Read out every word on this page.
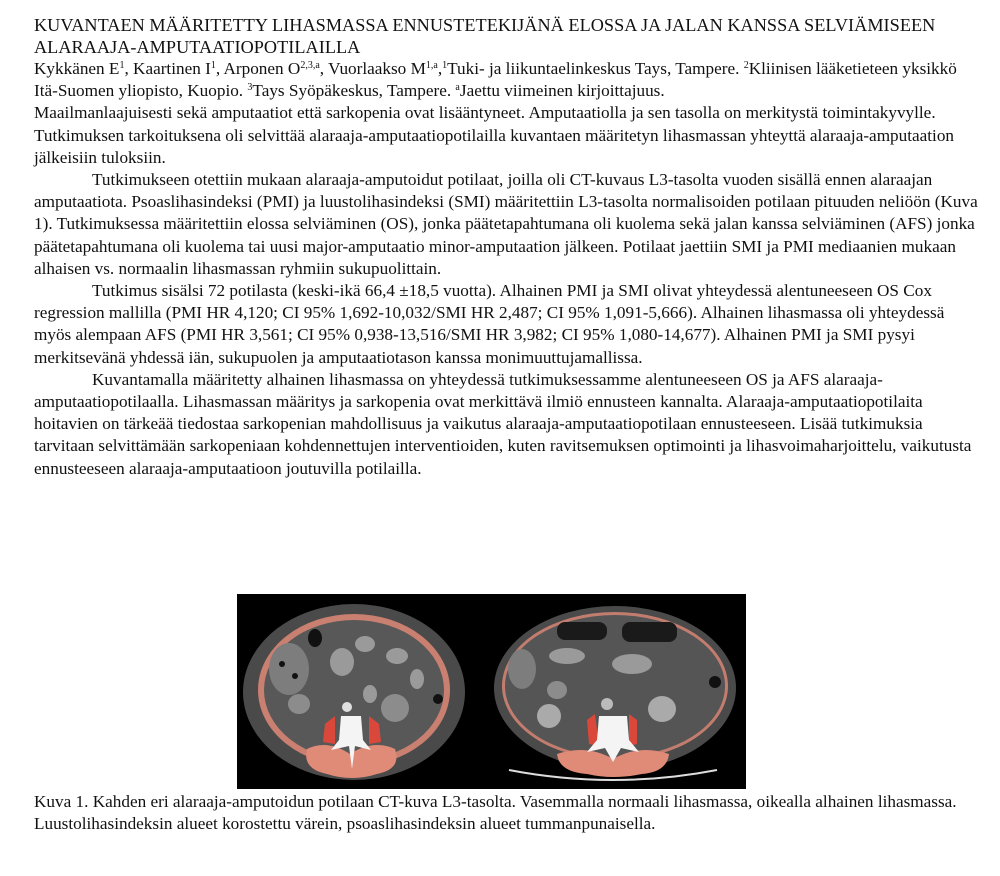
KUVANTAEN MÄÄRITETTY LIHASMASSA ENNUSTETEKIJÄNÄ ELOSSA JA JALAN KANSSA SELVIÄMISEEN ALARAAJA-AMPUTAATIOPOTILAILLA

Kykkänen $E^1$, Kaartinen $I^1$, Arponen O$^{2,3,a}$, Vuorlaakso M$^{1,a}$,$^1$Tuki- ja liikuntaelinkeskus Tays, Tampere. $^2$Kliinisen lääketieteen yksikkö Itä-Suomen yliopisto, Kuopio. $^3$Tays Syöpäkeskus, Tampere. $^a$Jaettu viimeinen kirjoittajuus.

Maailmanlaajuisesti sekä amputaatiot että sarkopenia ovat lisääntyneet. Amputaatiolla ja sen tasolla on merkitystä toimintakyvylle. Tutkimuksen tarkoituksena oli selvittää alaraaja-amputaatiopotilailla kuvantaen määritetyn lihasmassan yhteyttä alaraaja-amputaation jälkeisiin tuloksiin.

Tutkimukseen otettiin mukaan alaraaja-amputoidut potilaat, joilla oli CT-kuvaus L3-tasolta vuoden sisällä ennen alaraajan amputaatiota. Psoaslihasindeksi (PMI) ja luustolihasindeksi (SMI) määritettiin L3-tasolta normalisoiden potilaan pituuden neliöön (Kuva 1). Tutkimuksessa määritettiin elossa selviäminen (OS), jonka päätetapahtumana oli kuolema sekä jalan kanssa selviäminen (AFS) jonka päätetapahtumana oli kuolema tai uusi major-amputaatio minor-amputaation jälkeen. Potilaat jaettiin SMI ja PMI mediaanien mukaan alhaisen vs. normaalin lihasmassan ryhmiin sukupuolittain.

Tutkimus sisälsi 72 potilasta (keski-ikä 66,4 ±18,5 vuotta). Alhainen PMI ja SMI olivat yhteydessä alentuneeseen OS Cox regression mallilla (PMI HR 4,120; CI 95% 1,692-10,032/SMI HR 2,487; CI 95% 1,091-5,666). Alhainen lihasmassa oli yhteydessä myös alempaan AFS (PMI HR 3,561; CI 95% 0,938-13,516/SMI HR 3,982; CI 95% 1,080-14,677). Alhainen PMI ja SMI pysyi merkitsevänä yhdessä iän, sukupuolen ja amputaatiotason kanssa monimuuttujamallissa.

Kuvantamalla määritetty alhainen lihasmassa on yhteydessä tutkimuksessamme alentuneeseen OS ja AFS alaraaja-amputaatiopotilaalla. Lihasmassan määritys ja sarkopenia ovat merkittävä ilmiö ennusteen kannalta. Alaraaja-amputaatiopotilaita hoitavien on tärkeää tiedostaa sarkopenian mahdollisuus ja vaikutus alaraaja-amputaatiopotilaan ennusteeseen. Lisää tutkimuksia tarvitaan selvittämään sarkopeniaan kohdennettujen interventioiden, kuten ravitsemuksen optimointi ja lihasvoimaharjoittelu, vaikutusta ennusteeseen alaraaja-amputaatioon joutuvilla potilailla.

Kuva 1. Kahden eri alaraaja-amputoidun potilaan CT-kuva L3-tasolta. Vasemmalla normaali lihasmassa, oikealla alhainen lihasmassa. Luustolihasindeksin alueet korostettu värein, psoaslihasindeksin alueet tummanpunaisella.
